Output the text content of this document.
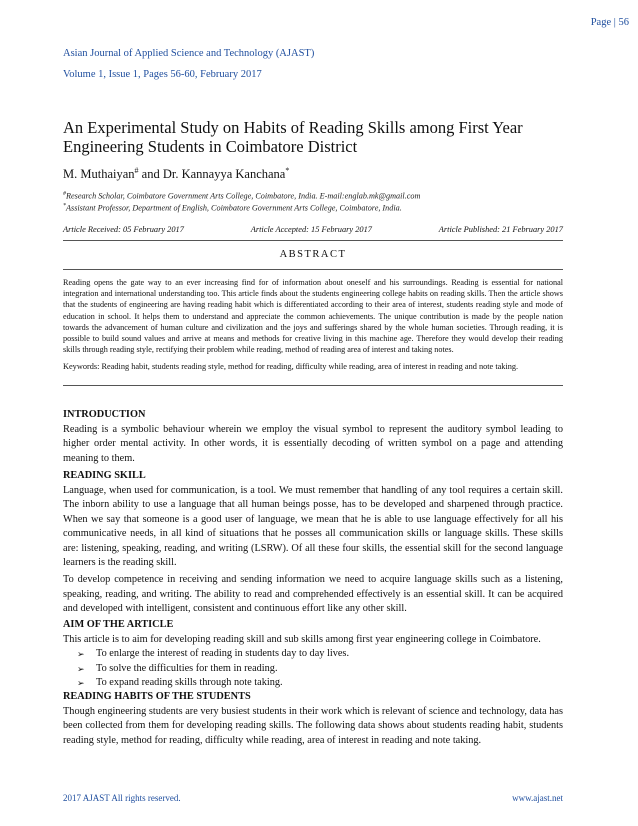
Asian Journal of Applied Science and Technology (AJAST)
Volume 1, Issue 1, Pages 56-60, February 2017
Page | 56
An Experimental Study on Habits of Reading Skills among First Year Engineering Students in Coimbatore District
M. Muthaiyan# and Dr. Kannayya Kanchana*
#Research Scholar, Coimbatore Government Arts College, Coimbatore, India. E-mail:englab.mk@gmail.com
*Assistant Professor, Department of English, Coimbatore Government Arts College, Coimbatore, India.
Article Received: 05 February 2017	Article Accepted: 15 February 2017	Article Published: 21 February 2017
ABSTRACT
Reading opens the gate way to an ever increasing find for of information about oneself and his surroundings. Reading is essential for national integration and international understanding too. This article finds about the students engineering college habits on reading skills. Then the article shows that the students of engineering are having reading habit which is differentiated according to their area of interest, students reading style and mode of education in school. It helps them to understand and appreciate the common achievements. The unique contribution is made by the people nation towards the advancement of human culture and civilization and the joys and sufferings shared by the whole human societies. Through reading, it is possible to build sound values and arrive at means and methods for creative living in this machine age. Therefore they would develop their reading skills through reading style, rectifying their problem while reading, method of reading area of interest and taking notes.
Keywords: Reading habit, students reading style, method for reading, difficulty while reading, area of interest in reading and note taking.
INTRODUCTION

Reading is a symbolic behaviour wherein we employ the visual symbol to represent the auditory symbol leading to higher order mental activity. In other words, it is essentially decoding of written symbol on a page and attending meaning to them.

READING SKILL

Language, when used for communication, is a tool. We must remember that handling of any tool requires a certain skill. The inborn ability to use a language that all human beings posse, has to be developed and sharpened through practice. When we say that someone is a good user of language, we mean that he is able to use language effectively for all his communicative needs, in all kind of situations that he posses all communication skills or language skills. These skills are: listening, speaking, reading, and writing (LSRW). Of all these four skills, the essential skill for the second language learners is the reading skill.

To develop competence in receiving and sending information we need to acquire language skills such as a listening, speaking, reading, and writing. The ability to read and comprehended effectively is an essential skill. It can be acquired and developed with intelligent, consistent and continuous effort like any other skill.

AIM OF THE ARTICLE

This article is to aim for developing reading skill and sub skills among first year engineering college in Coimbatore.

➢ To enlarge the interest of reading in students day to day lives.
➢ To solve the difficulties for them in reading.
➢ To expand reading skills through note taking.
READING HABITS OF THE STUDENTS

Though engineering students are very busiest students in their work which is relevant of science and technology, data has been collected from them for developing reading skills. The following data shows about students reading habit, students reading style, method for reading, difficulty while reading, area of interest in reading and note taking.

2017 AJAST All rights reserved.	www.ajast.net
